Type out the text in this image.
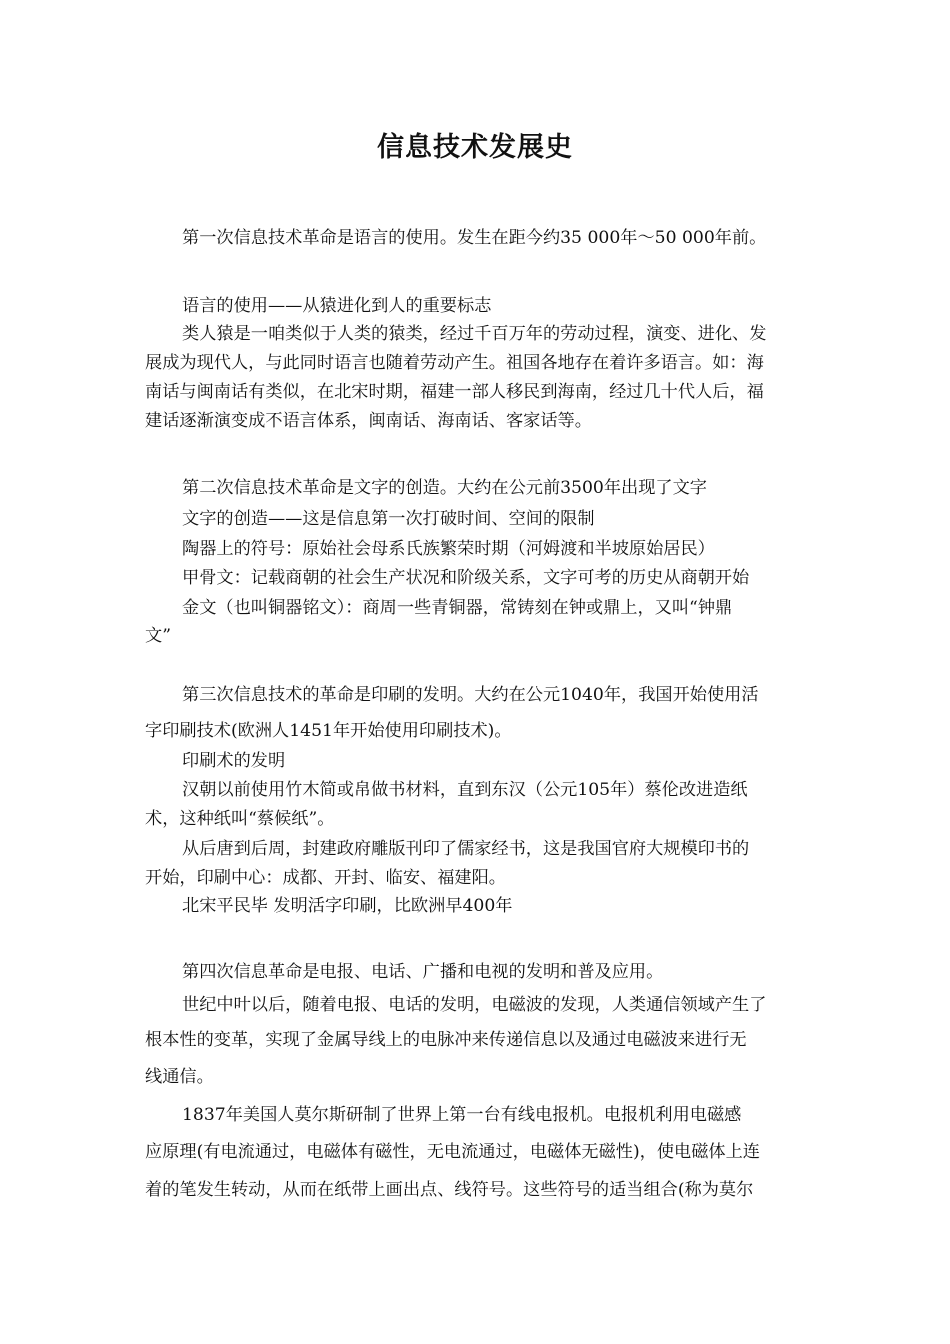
信息技术发展史
第一次信息技术革命是语言的使用。发生在距今约35 000年～50 000年前。
语言的使用——从猿进化到人的重要标志
类人猿是一咱类似于人类的猿类，经过千百万年的劳动过程，演变、进化、发
展成为现代人，与此同时语言也随着劳动产生。祖国各地存在着许多语言。如：海
南话与闽南话有类似，在北宋时期，福建一部人移民到海南，经过几十代人后，福
建话逐渐演变成不语言体系，闽南话、海南话、客家话等。
第二次信息技术革命是文字的创造。大约在公元前3500年出现了文字
文字的创造——这是信息第一次打破时间、空间的限制
陶器上的符号：原始社会母系氏族繁荣时期（河姆渡和半坡原始居民）
甲骨文：记载商朝的社会生产状况和阶级关系，文字可考的历史从商朝开始
金文（也叫铜器铭文）：商周一些青铜器，常铸刻在钟或鼎上，又叫“钟鼎
文”
第三次信息技术的革命是印刷的发明。大约在公元1040年，我国开始使用活
字印刷技术(欧洲人1451年开始使用印刷技术)。
印刷术的发明
汉朝以前使用竹木简或帛做书材料，直到东汉（公元105年）蔡伦改进造纸
术，这种纸叫“蔡候纸”。
从后唐到后周，封建政府雕版刊印了儒家经书，这是我国官府大规模印书的
开始，印刷中心：成都、开封、临安、福建阳。
北宋平民毕 发明活字印刷，比欧洲早400年
第四次信息革命是电报、电话、广播和电视的发明和普及应用。
世纪中叶以后，随着电报、电话的发明，电磁波的发现，人类通信领域产生了
根本性的变革，实现了金属导线上的电脉冲来传递信息以及通过电磁波来进行无
线通信。
1837年美国人莫尔斯研制了世界上第一台有线电报机。电报机利用电磁感
应原理(有电流通过，电磁体有磁性，无电流通过，电磁体无磁性)，使电磁体上连
着的笔发生转动，从而在纸带上画出点、线符号。这些符号的适当组合(称为莫尔
